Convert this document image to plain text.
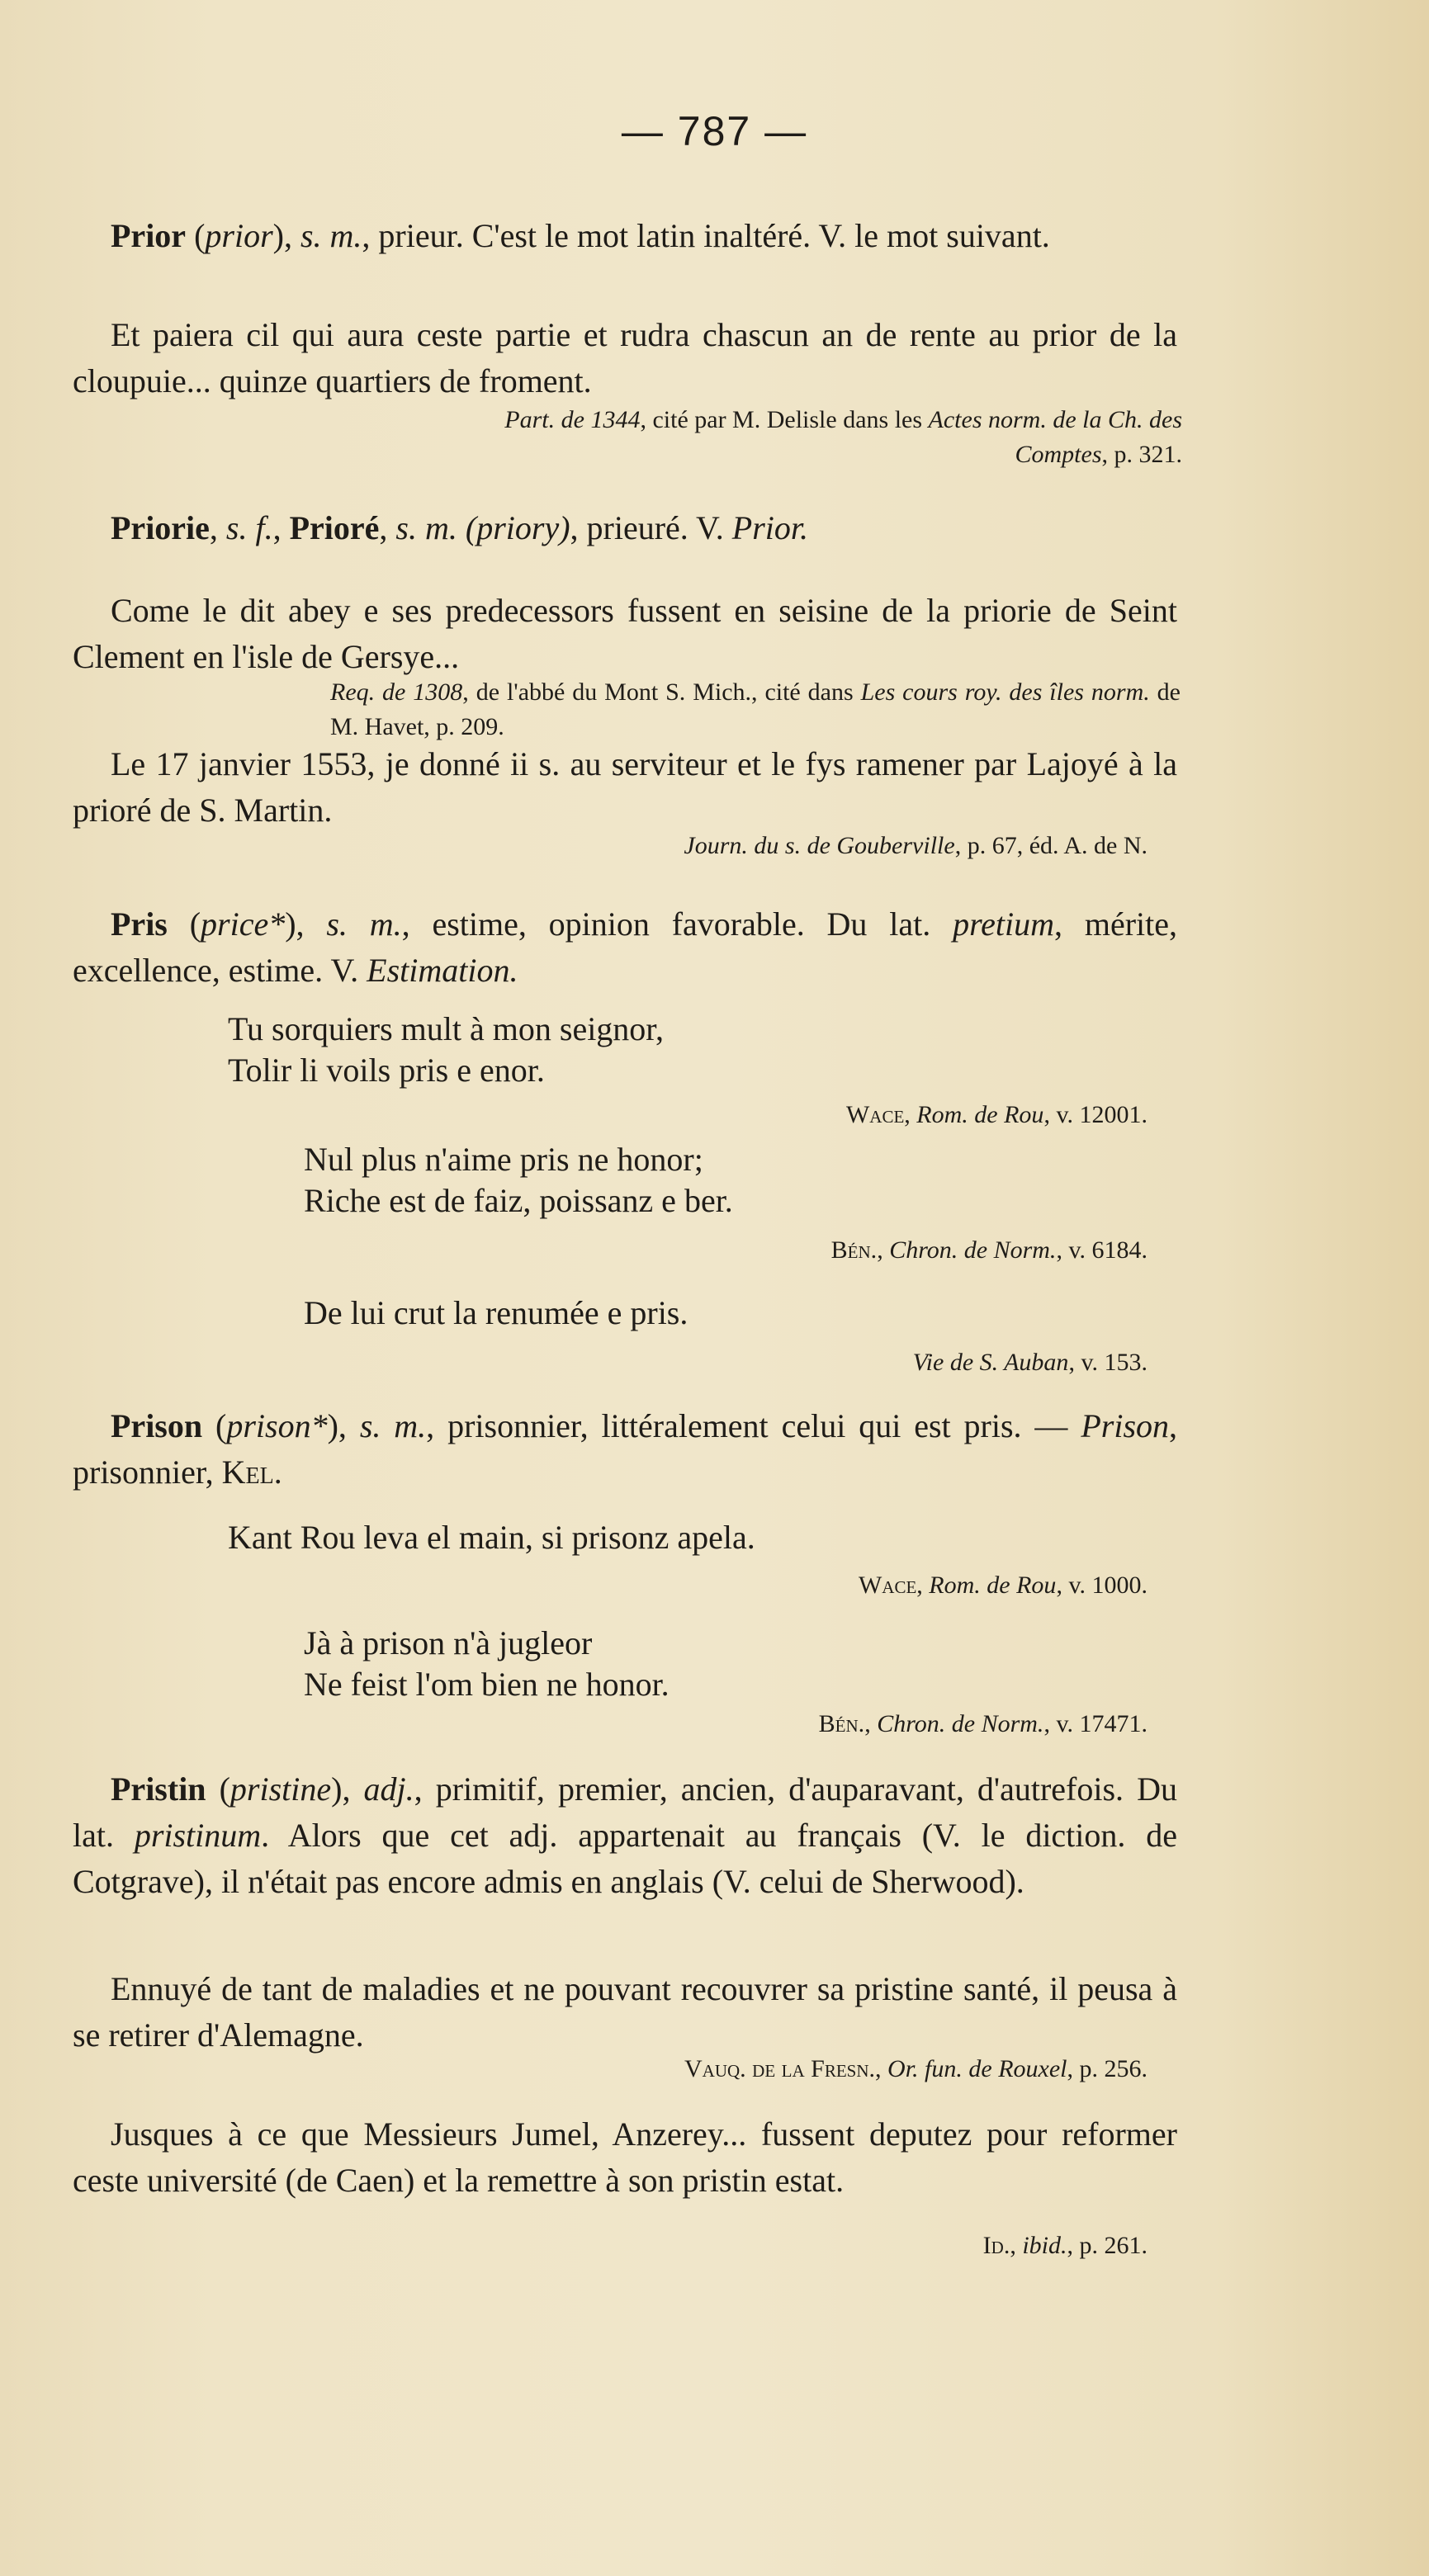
— 787 —
Prior (prior), s. m., prieur. C'est le mot latin inaltéré. V. le mot suivant.
Et paiera cil qui aura ceste partie et rudra chascun an de rente au prior de la cloupuie... quinze quartiers de froment.
Part. de 1344, cité par M. Delisle dans les Actes norm. de la Ch. des Comptes, p. 321.
Priorie, s. f., Prioré, s. m. (priory), prieuré. V. Prior.
Come le dit abey e ses predecessors fussent en seisine de la priorie de Seint Clement en l'isle de Gersye...
Req. de 1308, de l'abbé du Mont S. Mich., cité dans Les cours roy. des îles norm. de M. Havet, p. 209.
Le 17 janvier 1553, je donné ii s. au serviteur et le fys ramener par Lajoyé à la prioré de S. Martin.
Journ. du s. de Gouberville, p. 67, éd. A. de N.
Pris (price*), s. m., estime, opinion favorable. Du lat. pretium, mérite, excellence, estime. V. Estimation.
Tu sorquiers mult à mon seignor,
Tolir li voils pris e enor.
Wace, Rom. de Rou, v. 12001.
Nul plus n'aime pris ne honor;
Riche est de faiz, poissanz e ber.
Bén., Chron. de Norm., v. 6184.
De lui crut la renumée e pris.
Vie de S. Auban, v. 153.
Prison (prison*), s. m., prisonnier, littéralement celui qui est pris. — Prison, prisonnier, Kel.
Kant Rou leva el main, si prisonz apela.
Wace, Rom. de Rou, v. 1000.
Jà à prison n'à jugleor
Ne feist l'om bien ne honor.
Bén., Chron. de Norm., v. 17471.
Pristin (pristine), adj., primitif, premier, ancien, d'auparavant, d'autrefois. Du lat. pristinum. Alors que cet adj. appartenait au français (V. le diction. de Cotgrave), il n'était pas encore admis en anglais (V. celui de Sherwood).
Ennuyé de tant de maladies et ne pouvant recouvrer sa pristine santé, il peusa à se retirer d'Alemagne.
Vauq. de la Fresn., Or. fun. de Rouxel, p. 256.
Jusques à ce que Messieurs Jumel, Anzerey... fussent deputez pour reformer ceste université (de Caen) et la remettre à son pristin estat.
Id., ibid., p. 261.
